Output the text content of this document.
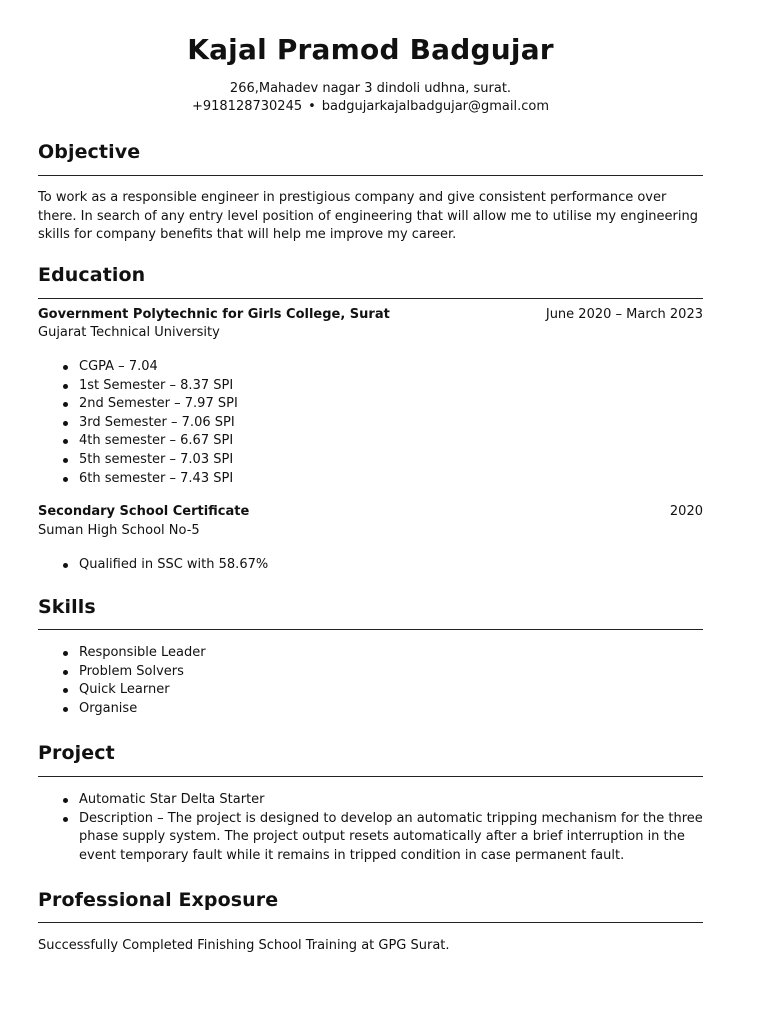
Kajal Pramod Badgujar
266,Mahadev nagar 3 dindoli udhna, surat.
+918128730245 • badgujarkajalbadgujar@gmail.com
Objective
To work as a responsible engineer in prestigious company and give consistent performance over there. In search of any entry level position of engineering that will allow me to utilise my engineering skills for company benefits that will help me improve my career.
Education
Government Polytechnic for Girls College, Surat	June 2020 – March 2023
Gujarat Technical University
CGPA – 7.04
1st Semester – 8.37 SPI
2nd Semester – 7.97 SPI
3rd Semester – 7.06 SPI
4th semester – 6.67 SPI
5th semester – 7.03 SPI
6th semester – 7.43 SPI
Secondary School Certificate	2020
Suman High School No-5
Qualified in SSC with 58.67%
Skills
Responsible Leader
Problem Solvers
Quick Learner
Organise
Project
Automatic Star Delta Starter
Description – The project is designed to develop an automatic tripping mechanism for the three phase supply system. The project output resets automatically after a brief interruption in the event temporary fault while it remains in tripped condition in case permanent fault.
Professional Exposure
Successfully Completed Finishing School Training at GPG Surat.
